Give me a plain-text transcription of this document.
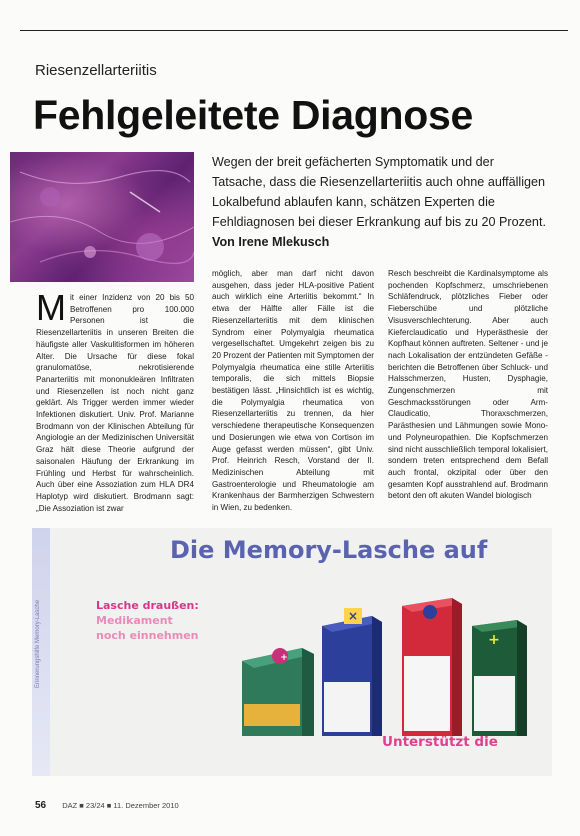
Riesenzellarteriitis
Fehlgeleitete Diagnose
Wegen der breit gefächerten Symptomatik und der Tatsache, dass die Riesenzellarteriitis auch ohne auffälligen Lokalbefund ablaufen kann, schätzen Experten die Fehldiagnosen bei dieser Erkrankung auf bis zu 20 Prozent. Von Irene Mlekusch
M it einer Inzidenz von 20 bis 50 Betroffenen pro 100.000 Personen ist die Riesenzellarteriitis in unseren Breiten die häufigste aller Vaskulitisformen im höheren Alter. Die Ursache für diese fokal granulomatöse, nekrotisierende Panarteriitis mit mononukleären Infiltraten und Riesenzellen ist noch nicht ganz geklärt. Als Trigger werden immer wieder Infektionen diskutiert. Univ. Prof. Marianne Brodmann von der Klinischen Abteilung für Angiologie an der Medizinischen Universität Graz hält diese Theorie aufgrund der saisonalen Häufung der Erkrankung im Frühling und Herbst für wahrscheinlich. Auch über eine Assoziation zum HLA DR4 Haplotyp wird diskutiert. Brodmann sagt: „Die Assoziation ist zwar

möglich, aber man darf nicht davon ausgehen, dass jeder HLA-positive Patient auch wirklich eine Arteriitis bekommt.“ In etwa der Hälfte aller Fälle ist die Riesenzellarteriitis mit dem klinischen Syndrom einer Polymyalgia rheumatica vergesellschaftet. Umgekehrt zeigen bis zu 20 Prozent der Patienten mit Symptomen der Polymyalgia rheumatica eine stille Arteriitis temporalis, die sich mittels Biopsie bestätigen lässt. „Hinsichtlich ist es wichtig, die Polymyalgia rheumatica von Riesenzellarteriitis zu trennen, da hier verschiedene therapeutische Konsequenzen und Dosierungen wie etwa von Cortison im Auge gefasst werden müssen“, gibt Univ. Prof. Heinrich Resch, Vorstand der II. Medizinischen Abteilung mit Gastroenterologie und Rheumatologie am Krankenhaus der Barmherzigen Schwestern in Wien, zu bedenken.

Resch beschreibt die Kardinalsymptome als pochenden Kopfschmerz, umschriebenen Schläfendruck, plötzliches Fieber oder Fieberschübe und plötzliche Visusverschlechterung. Aber auch Kieferclaudicatio und Hyperästhesie der Kopfhaut können auftreten. Seltener - und je nach Lokalisation der entzündeten Gefäße - berichten die Betroffenen über Schluck- und Halsschmerzen, Husten, Dysphagie, Zungenschmerzen mit Geschmacksstörungen oder Arm-Claudicatio, Thoraxschmerzen, Parästhesien und Lähmungen sowie Mono- und Polyneuropathien. Die Kopfschmerzen sind nicht ausschließlich temporal lokalisiert, sondern treten entsprechend dem Befall auch frontal, okzipital oder über den gesamten Kopf ausstrahlend auf. Brodmann betont den oft akuten Wandel biologisch

Erinnerungshilfe Memory-Lasche
Die Memory-Lasche auf
Lasche draußen:
Medikament
noch einnehmen
+
×
+
Unterstützt die
56 DAZ ■ 23/24 ■ 11. Dezember 2010
